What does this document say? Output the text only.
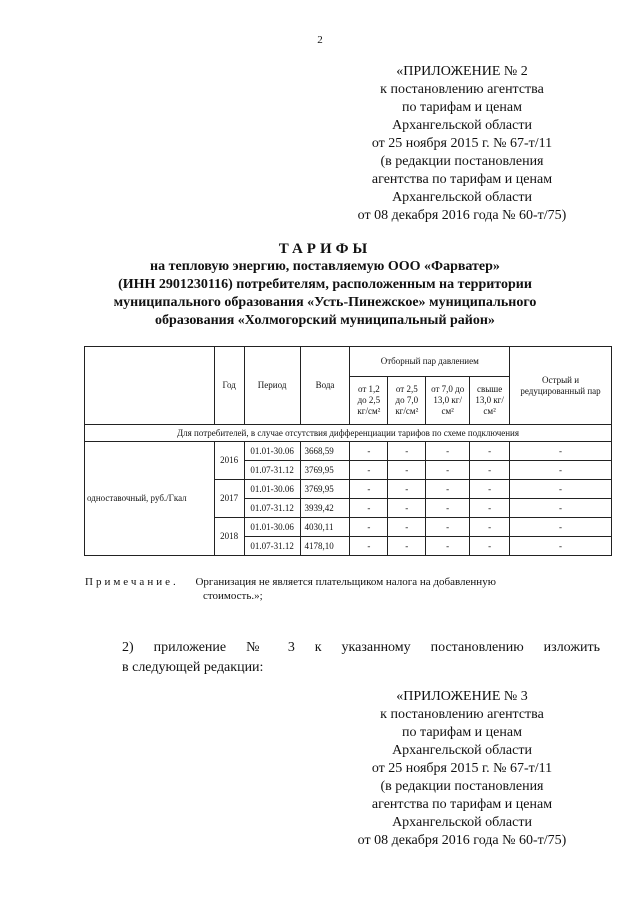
2
«ПРИЛОЖЕНИЕ № 2
к постановлению агентства
по тарифам и ценам
Архангельской области
от 25 ноября 2015 г. № 67-т/11
(в редакции постановления
агентства по тарифам и ценам
Архангельской области
от 08 декабря 2016 года № 60-т/75)
ТАРИФЫ
на тепловую энергию, поставляемую ООО «Фарватер»
(ИНН 2901230116) потребителям, расположенным на территории
муниципального образования «Усть-Пинежское» муниципального
образования «Холмогорский муниципальный район»
	Год	Период	Вода	Отборный пар давлением				Острый и редуцированный пар
				от 1,2 до 2,5 кг/см²	от 2,5 до 7,0 кг/см²	от 7,0 до 13,0 кг/см²	свыше 13,0 кг/см²	
Для потребителей, в случае отсутствия дифференциации тарифов по схеме подключения								
одноставочный, руб./Гкал	2016	01.01-30.06	3668,59	-	-	-	-	-
		01.07-31.12	3769,95	-	-	-	-	-
	2017	01.01-30.06	3769,95	-	-	-	-	-
		01.07-31.12	3939,42	-	-	-	-	-
	2018	01.01-30.06	4030,11	-	-	-	-	-
		01.07-31.12	4178,10	-	-	-	-	-
Примечание. Организация не является плательщиком налога на добавленную
стоимость.»;
2) приложение № 3 к указанному постановлению изложить
в следующей редакции:
«ПРИЛОЖЕНИЕ № 3
к постановлению агентства
по тарифам и ценам
Архангельской области
от 25 ноября 2015 г. № 67-т/11
(в редакции постановления
агентства по тарифам и ценам
Архангельской области
от 08 декабря 2016 года № 60-т/75)
